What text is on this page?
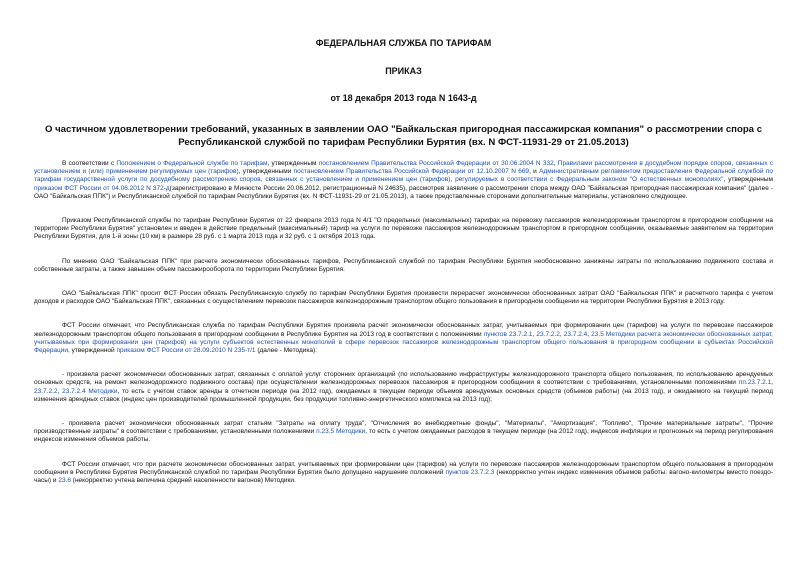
ФЕДЕРАЛЬНАЯ СЛУЖБА ПО ТАРИФАМ
ПРИКАЗ
от 18 декабря 2013 года N 1643-д
О частичном удовлетворении требований, указанных в заявлении ОАО "Байкальская пригородная пассажирская компания" о рассмотрении спора с Республиканской службой по тарифам Республики Бурятия (вх. N ФСТ-11931-29 от 21.05.2013)

В соответствии с Положением о Федеральной службе по тарифам, утвержденным постановлением Правительства Российской Федерации от 30.06.2004 N 332, Правилами рассмотрения в досудебном порядке споров, связанных с установлением и (или) применением регулируемых цен (тарифов), утвержденными постановлением Правительства Российской Федерации от 12.10.2007 N 669, и Административным регламентом предоставления Федеральной службой по тарифам государственной услуги по досудебному рассмотрению споров, связанных с установлением и применением цен (тарифов), регулируемых в соответствии с Федеральным законом "О естественных монополиях", утвержденным приказом ФСТ России от 04.06.2012 N 372-д(зарегистрировано в Минюсте России 20.06.2012, регистрационный N 24635), рассмотрев заявление о рассмотрении спора между ОАО "Байкальская пригородная пассажирская компания" (далее - ОАО "Байкальская ППК") и Республиканской службой по тарифам Республики Бурятия (вх. N ФСТ-11931-29 от 21.05.2013), а также представленные сторонами дополнительные материалы, установлено следующее.

Приказом Республиканской службы по тарифам Республики Бурятия от 22 февраля 2013 года N 4/1 "О предельных (максимальных) тарифах на перевозку пассажиров железнодорожным транспортом в пригородном сообщении на территории Республики Бурятия" установлен и введен в действие предельный (максимальный) тариф на услуги по перевозке пассажиров железнодорожным транспортом в пригородном сообщении, оказываемые заявителем на территории Республики Бурятия, для 1-й зоны (10 км) в размере 28 руб. с 1 марта 2013 года и 32 руб. с 1 октября 2013 года.

По мнению ОАО "Байкальская ППК" при расчете экономически обоснованных тарифов, Республиканской службой по тарифам Республики Бурятия необоснованно занижены затраты по использованию подвижного состава и собственные затраты, а также завышен объем пассажирооборота по территории Республики Бурятия.

ОАО "Байкальская ППК" просит ФСТ России обязать Республиканскую службу по тарифам Республики Бурятия произвести перерасчет экономически обоснованных затрат ОАО "Байкальская ППК" и расчетного тарифа с учетом доходов и расходов ОАО "Байкальская ППК", связанных с осуществлением перевозок пассажиров железнодорожным транспортом общего пользования в пригородном сообщении на территории Республики Бурятия в 2013 году.

ФСТ России отмечает, что Республиканская служба по тарифам Республики Бурятия произвела расчет экономически обоснованных затрат, учитываемых при формировании цен (тарифов) на услуги по перевозке пассажиров железнодорожным транспортом общего пользования в пригородном сообщении в Республике Бурятия на 2013 год в соответствии с положениями пунктов 23.7.2.1, 23.7.2.2, 23.7.2.4, 23.5 Методики расчета экономически обоснованных затрат, учитываемых при формировании цен (тарифов) на услуги субъектов естественных монополий в сфере перевозок пассажиров железнодорожным транспортом общего пользования в пригородном сообщении в субъектах Российской Федерации, утвержденной приказом ФСТ России от 28.09.2010 N 235-т/1 (далее - Методика):

- произвела расчет экономически обоснованных затрат, связанных с оплатой услуг сторонних организаций (по использованию инфраструктуры железнодорожного транспорта общего пользования, по использованию арендуемых основных средств, на ремонт железнодорожного подвижного состава) при осуществлении железнодорожных перевозок пассажиров в пригородном сообщении в соответствии с требованиями, установленными положениями пп.23.7.2.1, 23.7.2.2, 23.7.2.4 Методики, то есть с учетом ставок аренды в отчетном периоде (на 2012 год), ожидаемых в текущем периоде объемов арендуемых основных средств (объемов работы) (на 2013 год), и ожидаемого на текущий период изменения арендных ставок (индекс цен производителей промышленной продукции, без продукции топливно-энергетического комплекса на 2013 год);

- произвела расчет экономически обоснованных затрат статьям "Затраты на оплату труда", "Отчисления во внебюджетные фонды", "Материалы", "Амортизация", "Топливо", "Прочие материальные затраты", "Прочие производственные затраты" в соответствии с требованиями, установленными положениями п.23.5 Методики, то есть с учетом ожидаемых расходов в текущем периоде (на 2012 год), индексов инфляции и прогнозных на период регулирования индексов изменения объемов работы.

ФСТ России отмечает, что при расчете экономически обоснованных затрат, учитываемых при формировании цен (тарифов) на услуги по перевозке пассажиров железнодорожным транспортом общего пользования в пригородном сообщении в Республике Бурятия Республиканской службой по тарифам Республики Бурятия было допущено нарушение положений пунктов 23.7.2.3 (некорректно учтен индекс изменения объемов работы: вагоно-километры вместо поездо-часы) и 23.6 (некорректно учтена величина средней населенности вагонов) Методики.
